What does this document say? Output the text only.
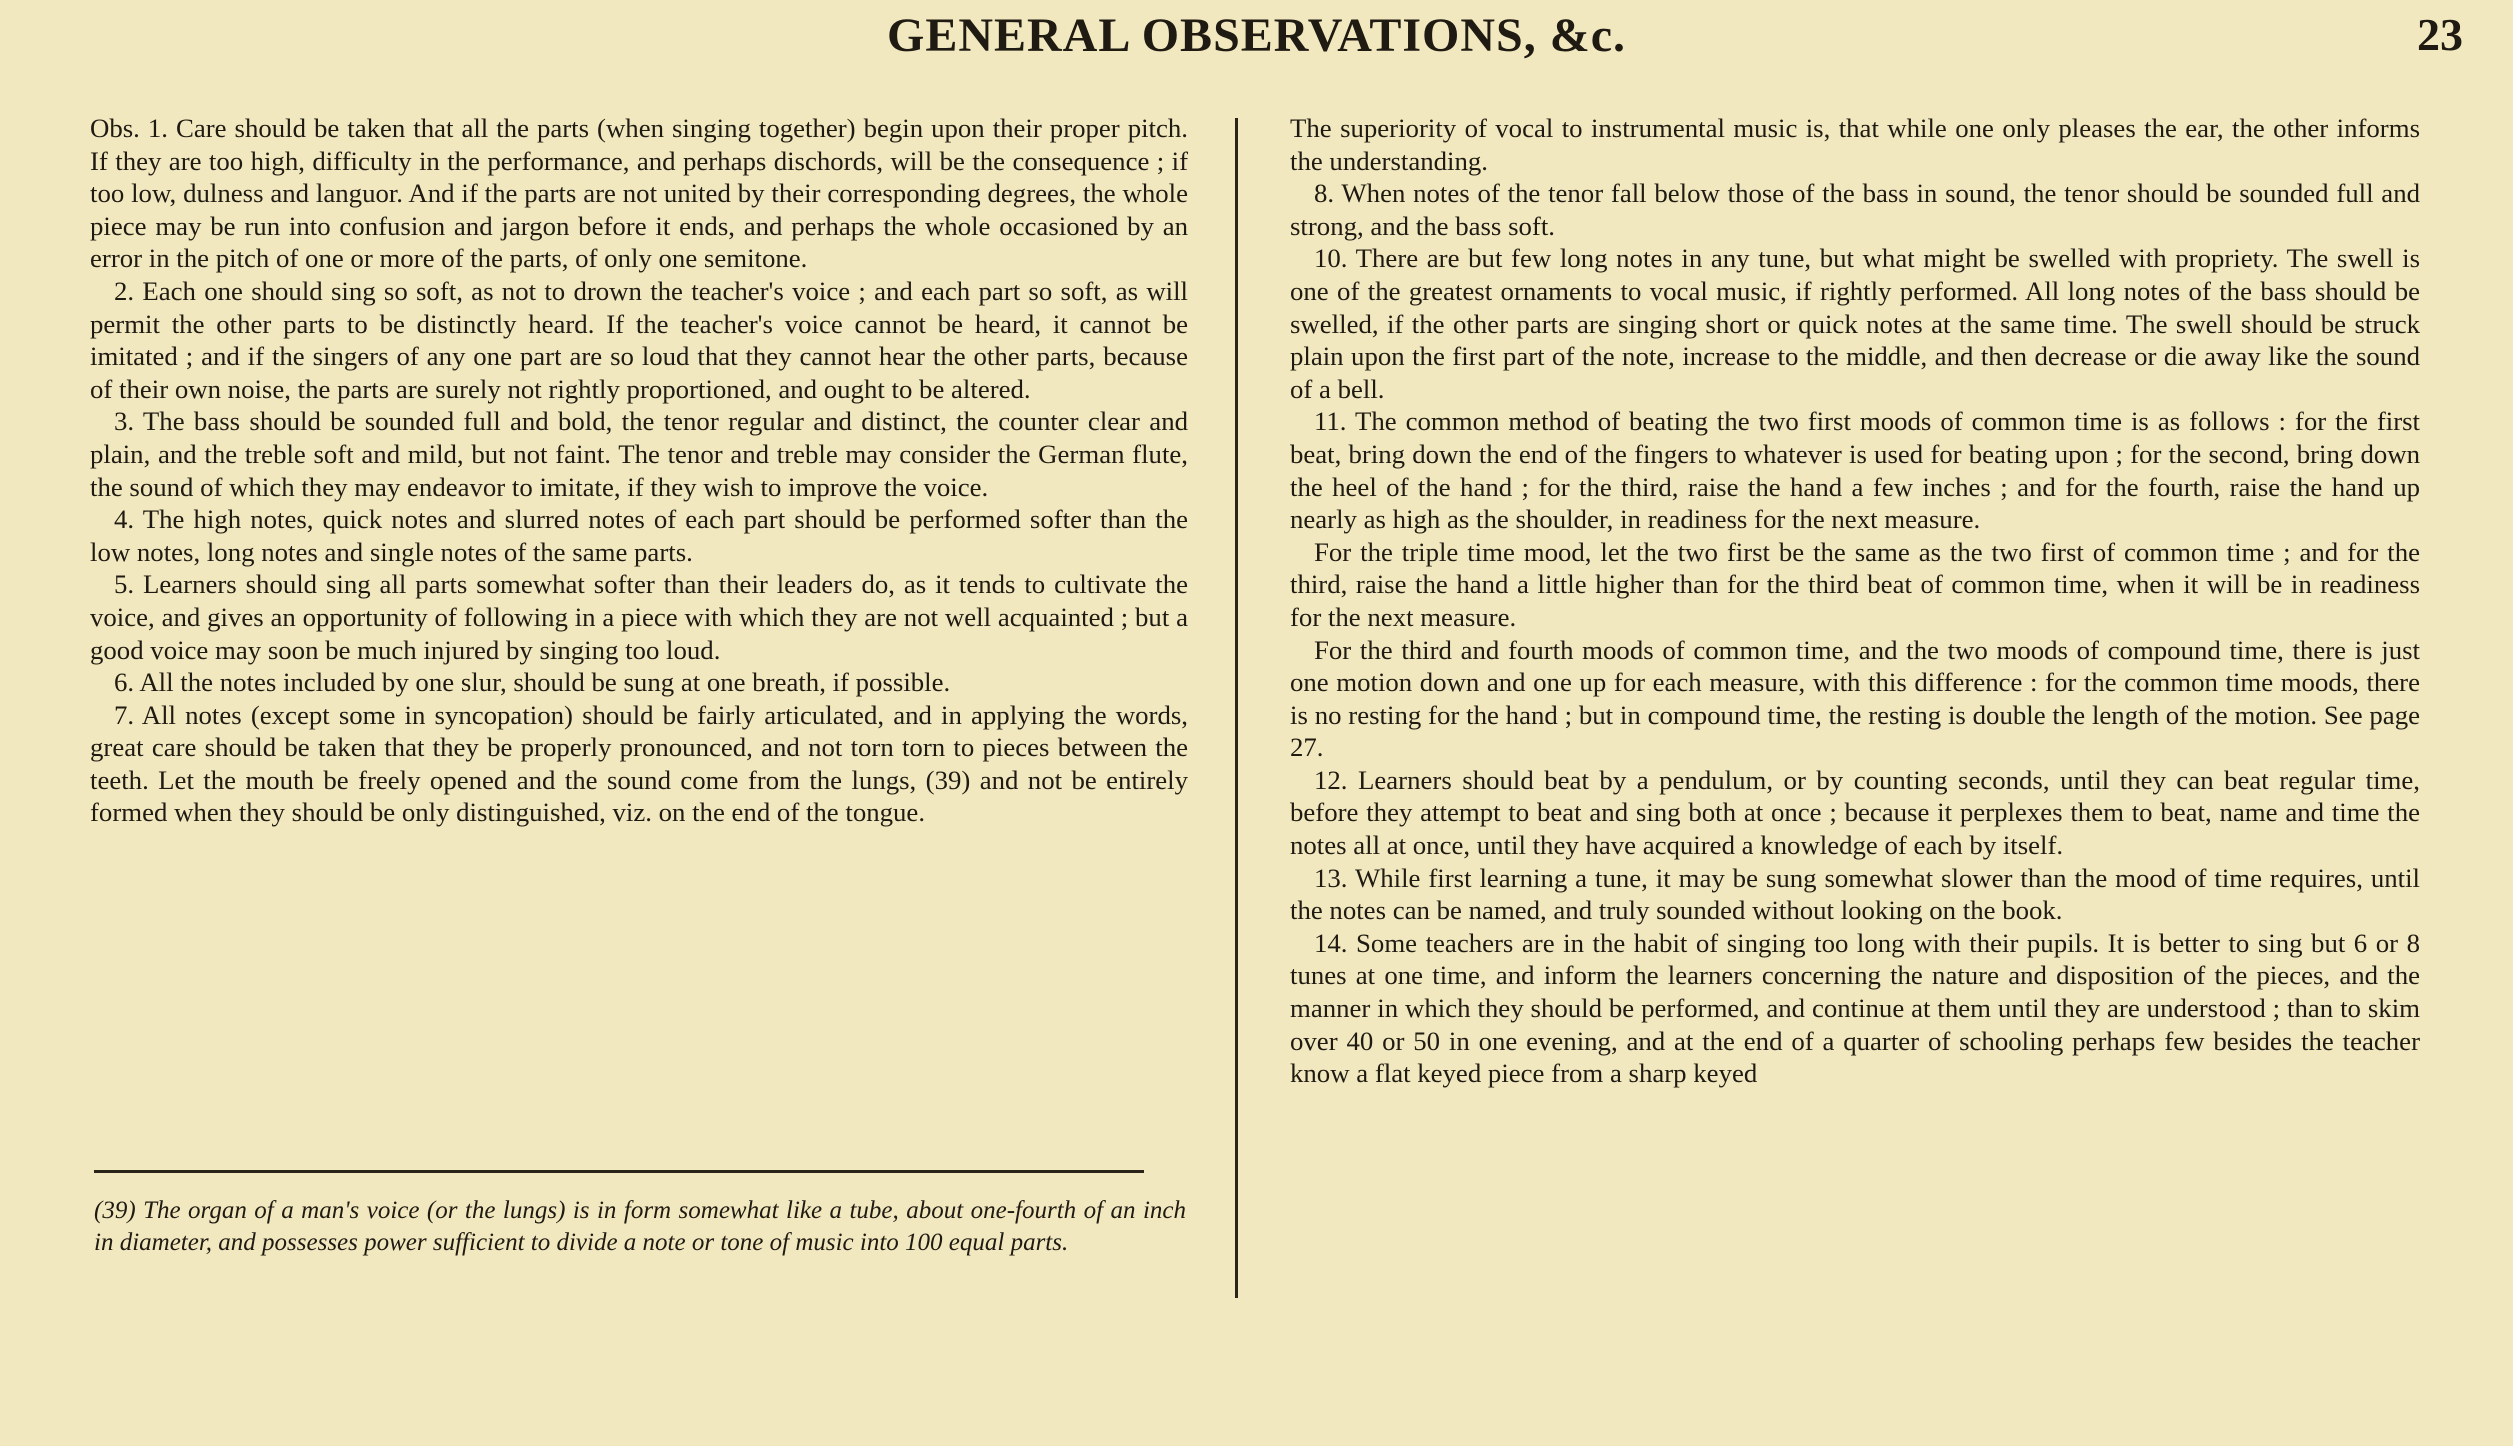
GENERAL OBSERVATIONS, &c.	23

Obs. 1. Care should be taken that all the parts (when singing together) begin upon their proper pitch. If they are too high, difficulty in the performance, and perhaps dischords, will be the consequence ; if too low, dulness and languor. And if the parts are not united by their corresponding degrees, the whole piece may be run into confusion and jargon before it ends, and perhaps the whole occasioned by an error in the pitch of one or more of the parts, of only one semitone.

2. Each one should sing so soft, as not to drown the teacher's voice ; and each part so soft, as will permit the other parts to be distinctly heard. If the teacher's voice cannot be heard, it cannot be imitated ; and if the singers of any one part are so loud that they cannot hear the other parts, because of their own noise, the parts are surely not rightly proportioned, and ought to be altered.

3. The bass should be sounded full and bold, the tenor regular and distinct, the counter clear and plain, and the treble soft and mild, but not faint. The tenor and treble may consider the German flute, the sound of which they may endeavor to imitate, if they wish to improve the voice.

4. The high notes, quick notes and slurred notes of each part should be performed softer than the low notes, long notes and single notes of the same parts.

5. Learners should sing all parts somewhat softer than their leaders do, as it tends to cultivate the voice, and gives an opportunity of following in a piece with which they are not well acquainted ; but a good voice may soon be much injured by singing too loud.

6. All the notes included by one slur, should be sung at one breath, if possible.

7. All notes (except some in syncopation) should be fairly articulated, and in applying the words, great care should be taken that they be properly pronounced, and not torn torn to pieces between the teeth. Let the mouth be freely opened and the sound come from the lungs, (39) and not be entirely formed when they should be only distinguished, viz. on the end of the tongue.

(39) The organ of a man's voice (or the lungs) is in form somewhat like a tube, about one-fourth of an inch in diameter, and possesses power sufficient to divide a note or tone of music into 100 equal parts.

The superiority of vocal to instrumental music is, that while one only pleases the ear, the other informs the understanding.

8. When notes of the tenor fall below those of the bass in sound, the tenor should be sounded full and strong, and the bass soft.

10. There are but few long notes in any tune, but what might be swelled with propriety. The swell is one of the greatest ornaments to vocal music, if rightly performed. All long notes of the bass should be swelled, if the other parts are singing short or quick notes at the same time. The swell should be struck plain upon the first part of the note, increase to the middle, and then decrease or die away like the sound of a bell.

11. The common method of beating the two first moods of common time is as follows : for the first beat, bring down the end of the fingers to whatever is used for beating upon ; for the second, bring down the heel of the hand ; for the third, raise the hand a few inches ; and for the fourth, raise the hand up nearly as high as the shoulder, in readiness for the next measure.

For the triple time mood, let the two first be the same as the two first of common time ; and for the third, raise the hand a little higher than for the third beat of common time, when it will be in readiness for the next measure.

For the third and fourth moods of common time, and the two moods of compound time, there is just one motion down and one up for each measure, with this difference : for the common time moods, there is no resting for the hand ; but in compound time, the resting is double the length of the motion. See page 27.

12. Learners should beat by a pendulum, or by counting seconds, until they can beat regular time, before they attempt to beat and sing both at once ; because it perplexes them to beat, name and time the notes all at once, until they have acquired a knowledge of each by itself.

13. While first learning a tune, it may be sung somewhat slower than the mood of time requires, until the notes can be named, and truly sounded without looking on the book.

14. Some teachers are in the habit of singing too long with their pupils. It is better to sing but 6 or 8 tunes at one time, and inform the learners concerning the nature and disposition of the pieces, and the manner in which they should be performed, and continue at them until they are understood ; than to skim over 40 or 50 in one evening, and at the end of a quarter of schooling perhaps few besides the teacher know a flat keyed piece from a sharp keyed
